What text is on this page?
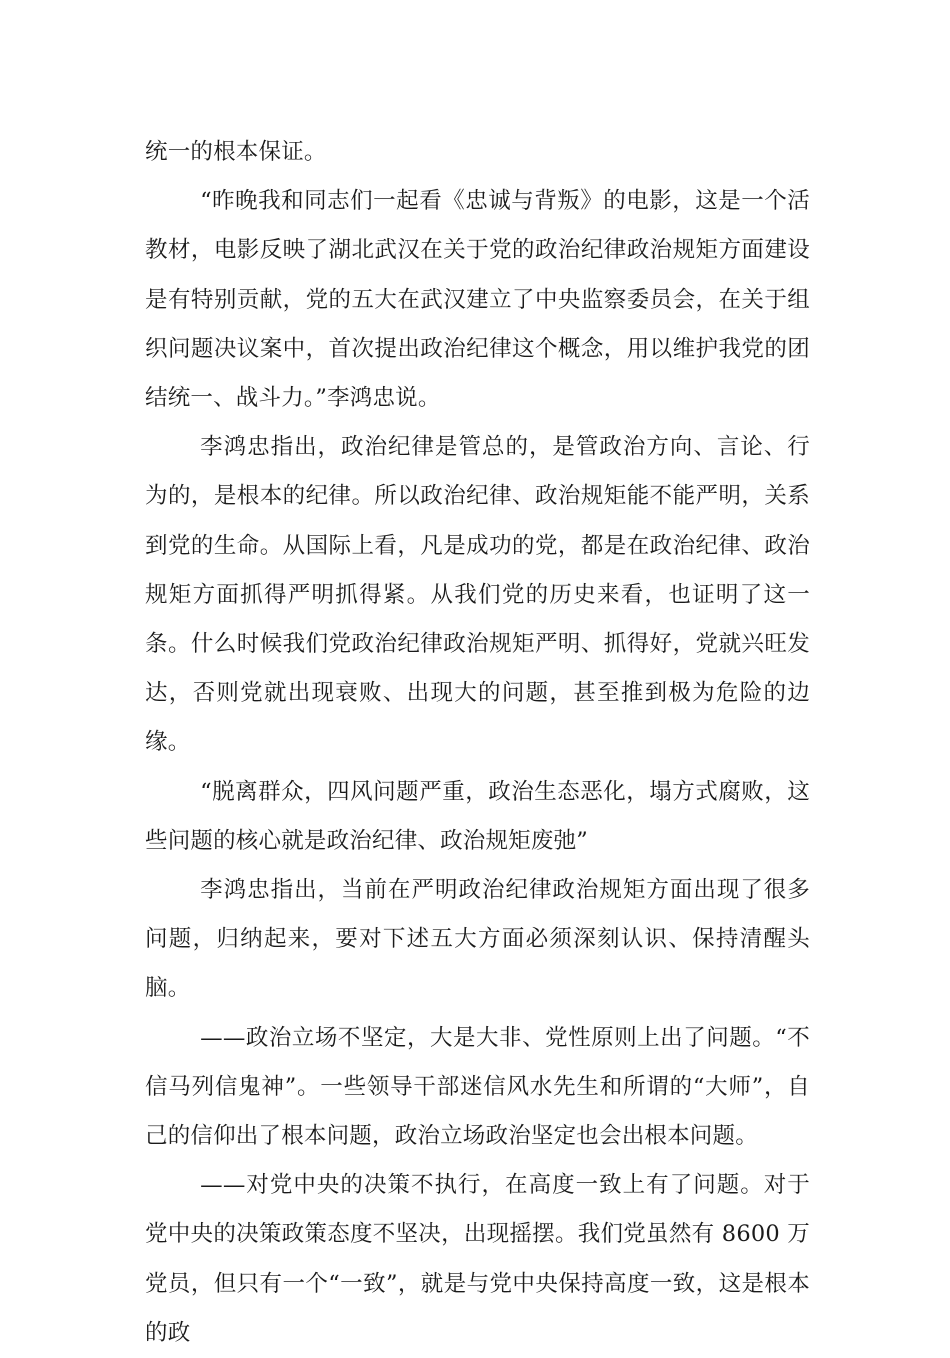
统一的根本保证。

“昨晚我和同志们一起看《忠诚与背叛》的电影，这是一个活教材，电影反映了湖北武汉在关于党的政治纪律政治规矩方面建设是有特别贡献，党的五大在武汉建立了中央监察委员会，在关于组织问题决议案中，首次提出政治纪律这个概念，用以维护我党的团结统一、战斗力。”李鸿忠说。

李鸿忠指出，政治纪律是管总的，是管政治方向、言论、行为的，是根本的纪律。所以政治纪律、政治规矩能不能严明，关系到党的生命。从国际上看，凡是成功的党，都是在政治纪律、政治规矩方面抓得严明抓得紧。从我们党的历史来看，也证明了这一条。什么时候我们党政治纪律政治规矩严明、抓得好，党就兴旺发达，否则党就出现衰败、出现大的问题，甚至推到极为危险的边缘。

“脱离群众，四风问题严重，政治生态恶化，塌方式腐败，这些问题的核心就是政治纪律、政治规矩废弛”

李鸿忠指出，当前在严明政治纪律政治规矩方面出现了很多问题，归纳起来，要对下述五大方面必须深刻认识、保持清醒头脑。

——政治立场不坚定，大是大非、党性原则上出了问题。“不信马列信鬼神”。一些领导干部迷信风水先生和所谓的“大师”，自己的信仰出了根本问题，政治立场政治坚定也会出根本问题。

——对党中央的决策不执行，在高度一致上有了问题。对于党中央的决策政策态度不坚决，出现摇摆。我们党虽然有 8600 万党员，但只有一个“一致”，就是与党中央保持高度一致，这是根本的政
